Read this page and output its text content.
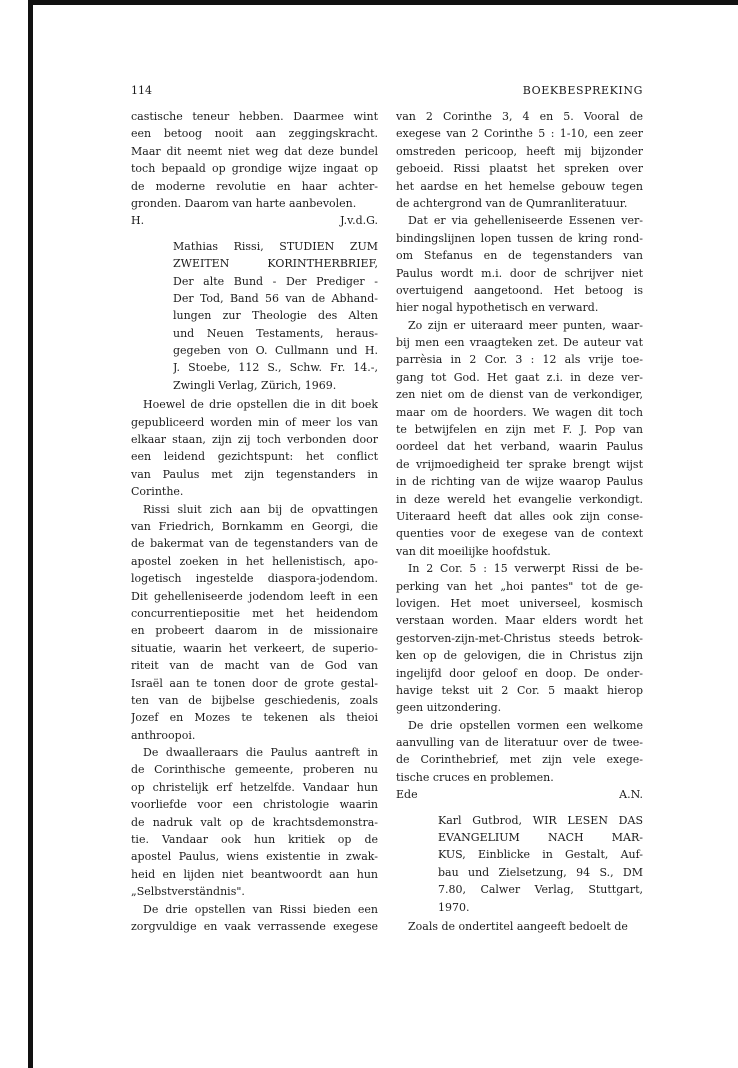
114	BOEKBESPREKING
castische teneur hebben. Daarmee wint
een betoog nooit aan zeggingskracht.
Maar dit neemt niet weg dat deze bundel
toch bepaald op grondige wijze ingaat op
de moderne revolutie en haar achter-
gronden. Daarom van harte aanbevolen.
H.	J.v.d.G.
Mathias Rissi, STUDIEN ZUM
ZWEITEN KORINTHERBRIEF,
Der alte Bund - Der Prediger -
Der Tod, Band 56 van de Abhand-
lungen zur Theologie des Alten
und Neuen Testaments, heraus-
gegeben von O. Cullmann und H.
J. Stoebe, 112 S., Schw. Fr. 14.-,
Zwingli Verlag, Zürich, 1969.
Hoewel de drie opstellen die in dit boek
gepubliceerd worden min of meer los van
elkaar staan, zijn zij toch verbonden door
een leidend gezichtspunt: het conflict
van Paulus met zijn tegenstanders in
Corinthe.
Rissi sluit zich aan bij de opvattingen
van Friedrich, Bornkamm en Georgi, die
de bakermat van de tegenstanders van de
apostel zoeken in het hellenistisch, apo-
logetisch ingestelde diaspora-jodendom.
Dit gehelleniseerde jodendom leeft in een
concurrentiepositie met het heidendom
en probeert daarom in de missionaire
situatie, waarin het verkeert, de superio-
riteit van de macht van de God van
Israël aan te tonen door de grote gestal-
ten van de bijbelse geschiedenis, zoals
Jozef en Mozes te tekenen als theioi
anthroopoi.
De dwaalleraars die Paulus aantreft in
de Corinthische gemeente, proberen nu
op christelijk erf hetzelfde. Vandaar hun
voorliefde voor een christologie waarin
de nadruk valt op de krachtsdemonstra-
tie. Vandaar ook hun kritiek op de
apostel Paulus, wiens existentie in zwak-
heid en lijden niet beantwoordt aan hun
„Selbstverständnis".
De drie opstellen van Rissi bieden een
zorgvuldige en vaak verrassende exegese
van 2 Corinthe 3, 4 en 5. Vooral de
exegese van 2 Corinthe 5 : 1-10, een zeer
omstreden pericoop, heeft mij bijzonder
geboeid. Rissi plaatst het spreken over
het aardse en het hemelse gebouw tegen
de achtergrond van de Qumranliteratuur.
Dat er via gehelleniseerde Essenen ver-
bindingslijnen lopen tussen de kring rond-
om Stefanus en de tegenstanders van
Paulus wordt m.i. door de schrijver niet
overtuigend aangetoond. Het betoog is
hier nogal hypothetisch en verward.
Zo zijn er uiteraard meer punten, waar-
bij men een vraagteken zet. De auteur vat
parrèsia in 2 Cor. 3 : 12 als vrije toe-
gang tot God. Het gaat z.i. in deze ver-
zen niet om de dienst van de verkondiger,
maar om de hoorders. We wagen dit toch
te betwijfelen en zijn met F. J. Pop van
oordeel dat het verband, waarin Paulus
de vrijmoedigheid ter sprake brengt wijst
in de richting van de wijze waarop Paulus
in deze wereld het evangelie verkondigt.
Uiteraard heeft dat alles ook zijn conse-
quenties voor de exegese van de context
van dit moeilijke hoofdstuk.
In 2 Cor. 5 : 15 verwerpt Rissi de be-
perking van het „hoi pantes" tot de ge-
lovigen. Het moet universeel, kosmisch
verstaan worden. Maar elders wordt het
gestorven-zijn-met-Christus steeds betrok-
ken op de gelovigen, die in Christus zijn
ingelijfd door geloof en doop. De onder-
havige tekst uit 2 Cor. 5 maakt hierop
geen uitzondering.
De drie opstellen vormen een welkome
aanvulling van de literatuur over de twee-
de Corinthebrief, met zijn vele exege-
tische cruces en problemen.
Ede	A.N.
Karl Gutbrod, WIR LESEN DAS
EVANGELIUM NACH MAR-
KUS, Einblicke in Gestalt, Auf-
bau und Zielsetzung, 94 S., DM
7.80, Calwer Verlag, Stuttgart,
1970.
Zoals de ondertitel aangeeft bedoelt de
